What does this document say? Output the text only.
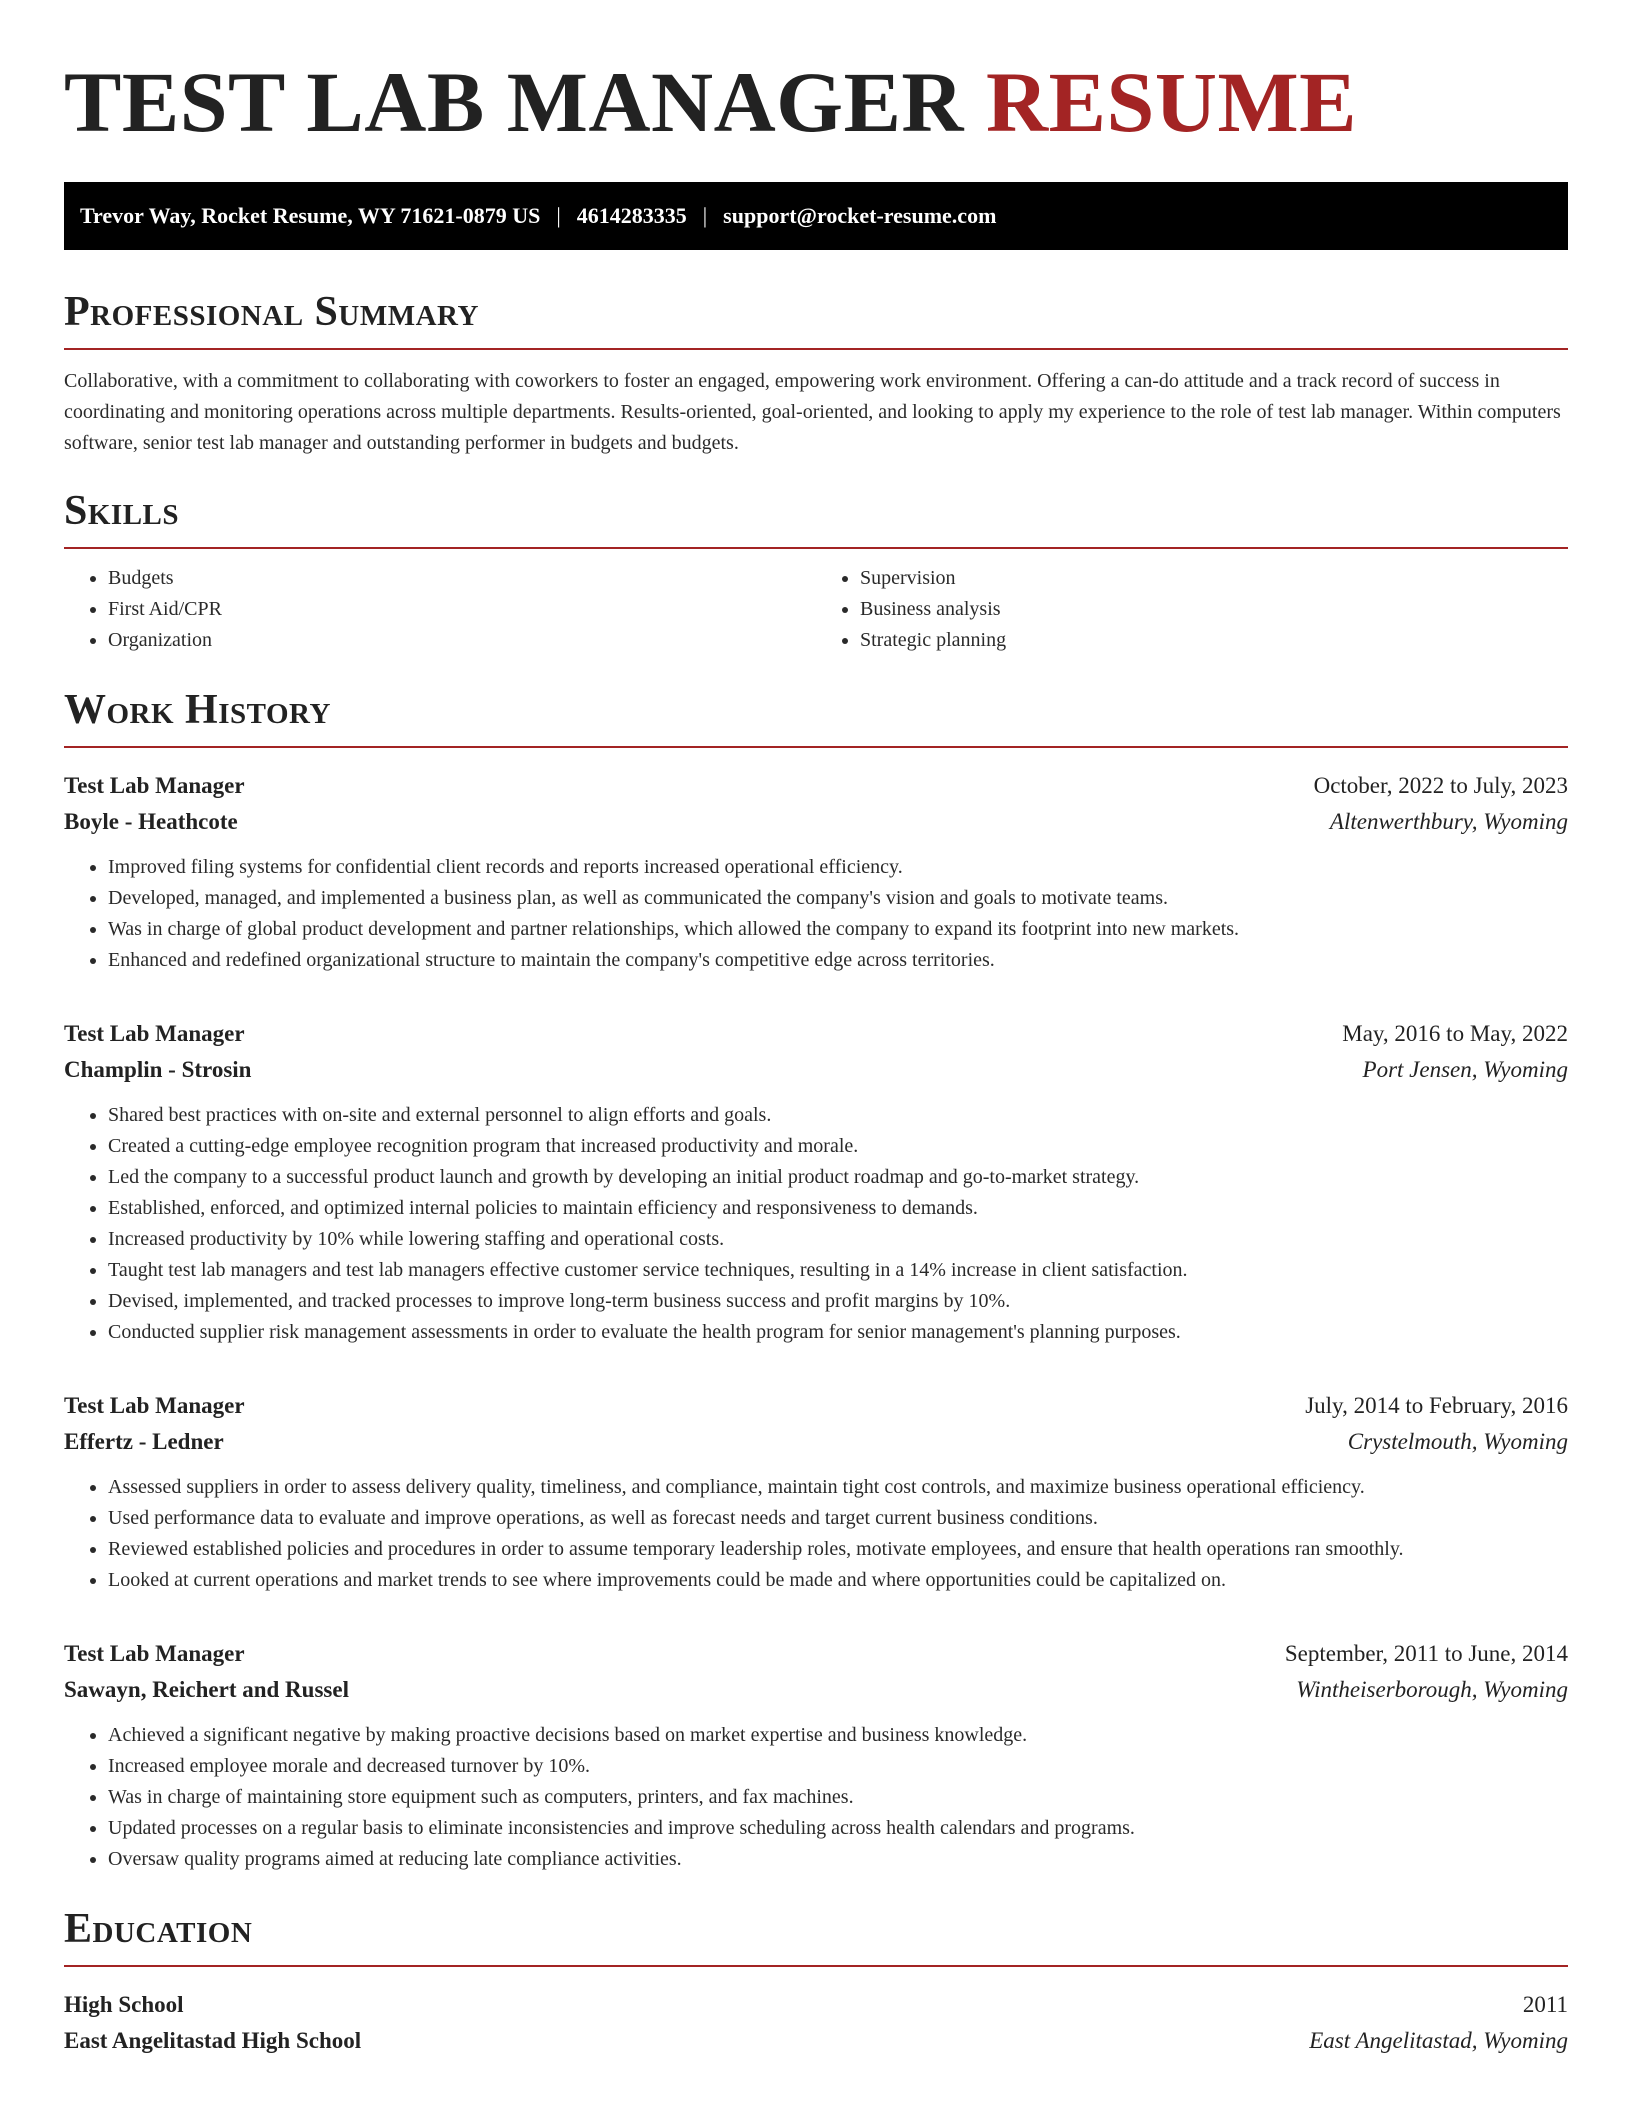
TEST LAB MANAGER RESUME
Trevor Way, Rocket Resume, WY 71621-0879 US | 4614283335 | support@rocket-resume.com
Professional Summary

Collaborative, with a commitment to collaborating with coworkers to foster an engaged, empowering work environment. Offering a can-do attitude and a track record of success in coordinating and monitoring operations across multiple departments. Results-oriented, goal-oriented, and looking to apply my experience to the role of test lab manager. Within computers software, senior test lab manager and outstanding performer in budgets and budgets.

Skills
• Budgets
• First Aid/CPR
• Organization
• Supervision
• Business analysis
• Strategic planning
Work History
Test Lab Manager	October, 2022 to July, 2023
Boyle - Heathcote	Altenwerthbury, Wyoming
• Improved filing systems for confidential client records and reports increased operational efficiency.
• Developed, managed, and implemented a business plan, as well as communicated the company's vision and goals to motivate teams.
• Was in charge of global product development and partner relationships, which allowed the company to expand its footprint into new markets.
• Enhanced and redefined organizational structure to maintain the company's competitive edge across territories.
Test Lab Manager	May, 2016 to May, 2022
Champlin - Strosin	Port Jensen, Wyoming
• Shared best practices with on-site and external personnel to align efforts and goals.
• Created a cutting-edge employee recognition program that increased productivity and morale.
• Led the company to a successful product launch and growth by developing an initial product roadmap and go-to-market strategy.
• Established, enforced, and optimized internal policies to maintain efficiency and responsiveness to demands.
• Increased productivity by 10% while lowering staffing and operational costs.
• Taught test lab managers and test lab managers effective customer service techniques, resulting in a 14% increase in client satisfaction.
• Devised, implemented, and tracked processes to improve long-term business success and profit margins by 10%.
• Conducted supplier risk management assessments in order to evaluate the health program for senior management's planning purposes.
Test Lab Manager	July, 2014 to February, 2016
Effertz - Ledner	Crystelmouth, Wyoming
• Assessed suppliers in order to assess delivery quality, timeliness, and compliance, maintain tight cost controls, and maximize business operational efficiency.
• Used performance data to evaluate and improve operations, as well as forecast needs and target current business conditions.
• Reviewed established policies and procedures in order to assume temporary leadership roles, motivate employees, and ensure that health operations ran smoothly.
• Looked at current operations and market trends to see where improvements could be made and where opportunities could be capitalized on.
Test Lab Manager	September, 2011 to June, 2014
Sawayn, Reichert and Russel	Wintheiserborough, Wyoming
• Achieved a significant negative by making proactive decisions based on market expertise and business knowledge.
• Increased employee morale and decreased turnover by 10%.
• Was in charge of maintaining store equipment such as computers, printers, and fax machines.
• Updated processes on a regular basis to eliminate inconsistencies and improve scheduling across health calendars and programs.
• Oversaw quality programs aimed at reducing late compliance activities.
Education
High School	2011
East Angelitastad High School	East Angelitastad, Wyoming
